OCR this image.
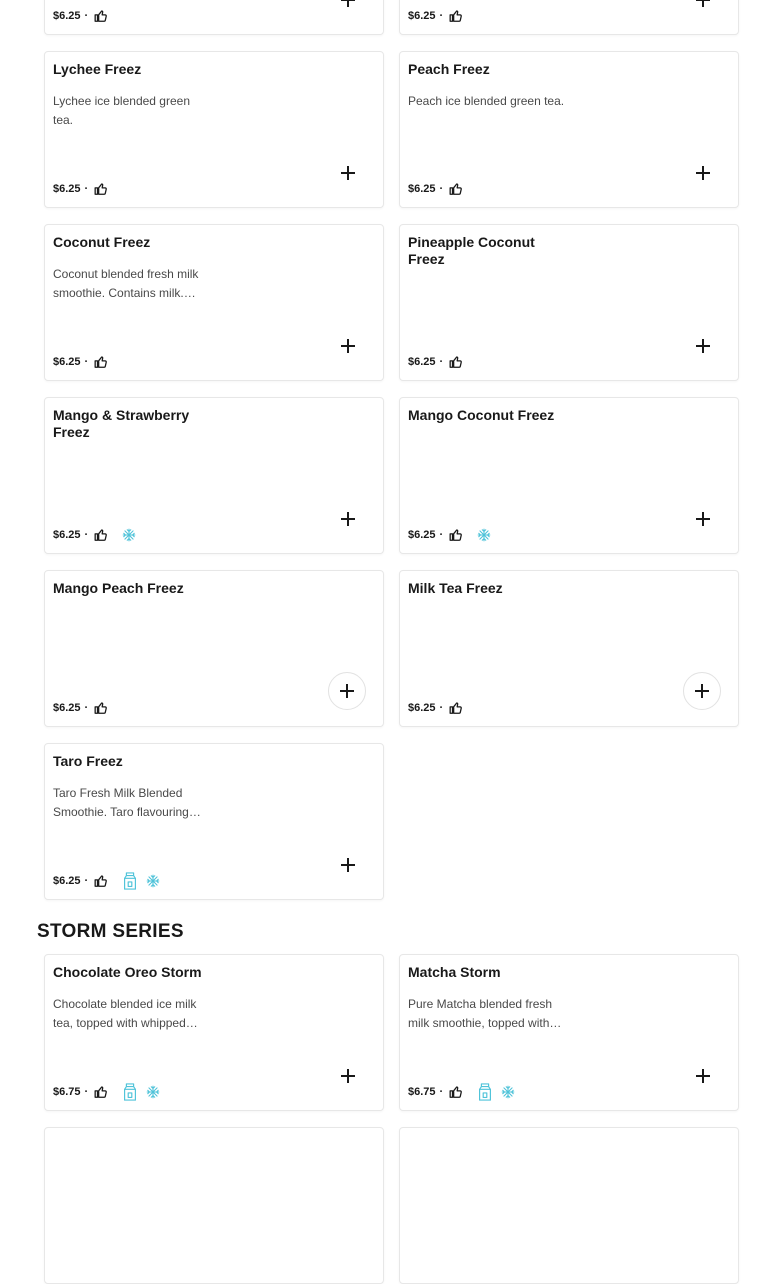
$6.25 ·	$6.25 ·
Lychee Freez
Lychee ice blended green tea.
$6.25 ·
Peach Freez
Peach ice blended green tea.
$6.25 ·
Coconut Freez
Coconut blended fresh milk smoothie. Contains milk.…
$6.25 ·
Pineapple Coconut Freez
$6.25 ·
Mango & Strawberry Freez
$6.25 ·
Mango Coconut Freez
$6.25 ·
Mango Peach Freez
$6.25 ·
Milk Tea Freez
$6.25 ·
Taro Freez
Taro Fresh Milk Blended Smoothie. Taro flavouring…
$6.25 ·
STORM SERIES
Chocolate Oreo Storm
Chocolate blended ice milk tea, topped with whipped…
$6.75 ·
Matcha Storm
Pure Matcha blended fresh milk smoothie, topped with…
$6.75 ·
